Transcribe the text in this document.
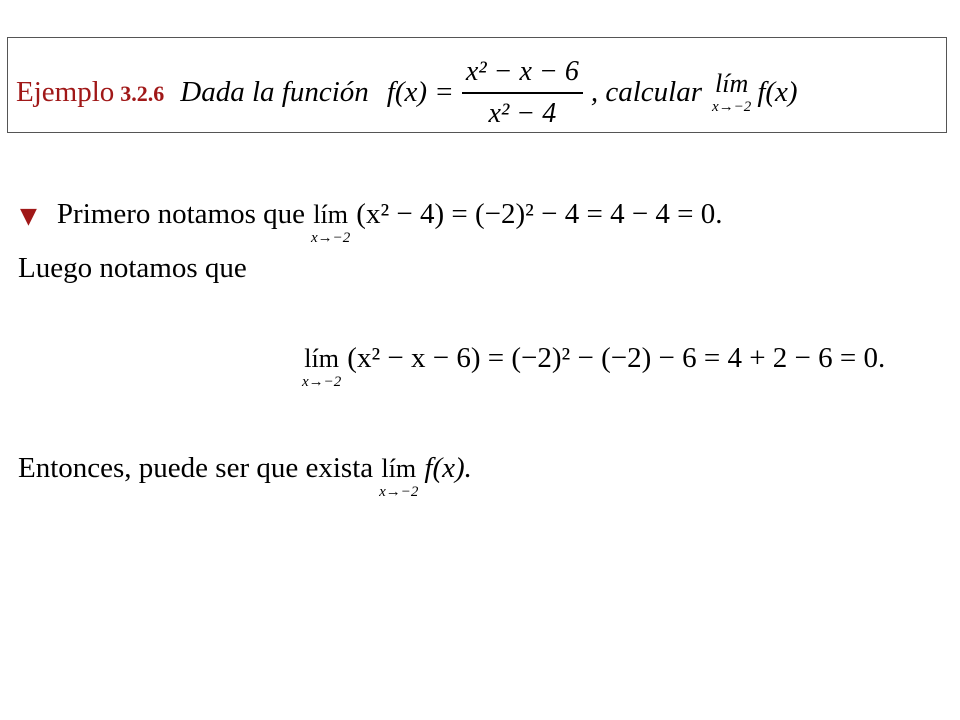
Ejemplo 3.2.6 Dada la función $f(x) = \frac{\text{x² − x − 6}}{\text{x² − 4}}$ , calcular lím
x→−2 f(x)
▼ Primero notamos que lím
x→−2
(x² − 4) = (−2)² − 4 = 4 − 4 = 0.
Luego notamos que
lím
x→−2
(x² − x − 6) = (−2)² − (−2) − 6 = 4 + 2 − 6 = 0.
Entonces, puede ser que exista lím
x→−2
f(x).
